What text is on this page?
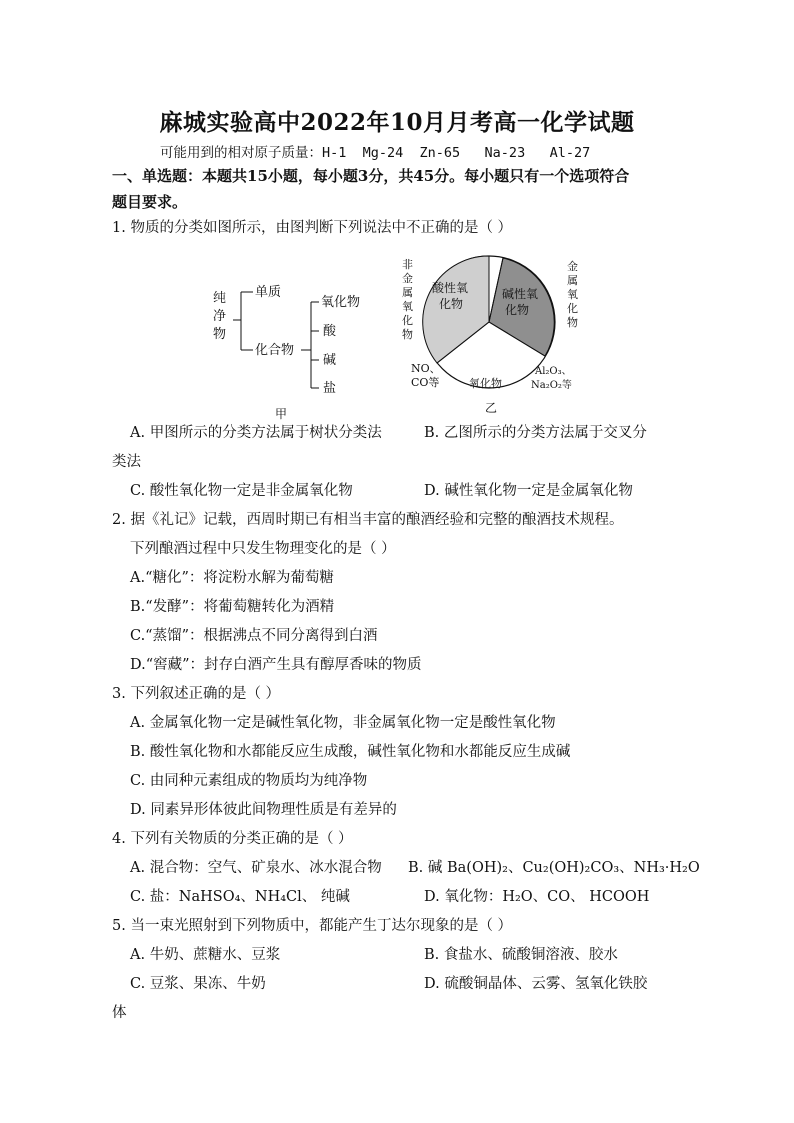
麻城实验高中2022年10月月考高一化学试题
可能用到的相对原子质量：H-1  Mg-24  Zn-65   Na-23   Al-27
一、单选题：本题共15小题，每小题3分，共45分。每小题只有一个选项符合
题目要求。
1. 物质的分类如图所示，由图判断下列说法中不正确的是（ ）
纯
净
物
单质
化合物
氧化物
酸
碱
盐
甲
酸性氧
化物
碱性氧
化物
非
金
属
氧
化
物
金
属
氧
化
物
NO、
CO等	氧化物
Al₂O₃、
Na₂O₂等
乙
A. 甲图所示的分类方法属于树状分类法	B. 乙图所示的分类方法属于交叉分
类法
C. 酸性氧化物一定是非金属氧化物	D. 碱性氧化物一定是金属氧化物
2. 据《礼记》记载，西周时期已有相当丰富的酿酒经验和完整的酿酒技术规程。
下列酿酒过程中只发生物理变化的是（ ）
A.“糖化”：将淀粉水解为葡萄糖
B.“发酵”：将葡萄糖转化为酒精
C.“蒸馏”：根据沸点不同分离得到白酒
D.“窖藏”：封存白酒产生具有醇厚香味的物质
3. 下列叙述正确的是（ ）
A. 金属氧化物一定是碱性氧化物，非金属氧化物一定是酸性氧化物
B. 酸性氧化物和水都能反应生成酸，碱性氧化物和水都能反应生成碱
C. 由同种元素组成的物质均为纯净物
D. 同素异形体彼此间物理性质是有差异的
4. 下列有关物质的分类正确的是（ ）
A. 混合物：空气、矿泉水、冰水混合物 B. 碱 Ba(OH)₂、Cu₂(OH)₂CO₃、NH₃·H₂O
C. 盐：NaHSO₄、NH₄Cl、 纯碱	D. 氧化物：H₂O、CO、 HCOOH
5. 当一束光照射到下列物质中，都能产生丁达尔现象的是（ ）
A. 牛奶、蔗糖水、豆浆	B. 食盐水、硫酸铜溶液、胶水
C. 豆浆、果冻、牛奶	D. 硫酸铜晶体、云雾、氢氧化铁胶
体
